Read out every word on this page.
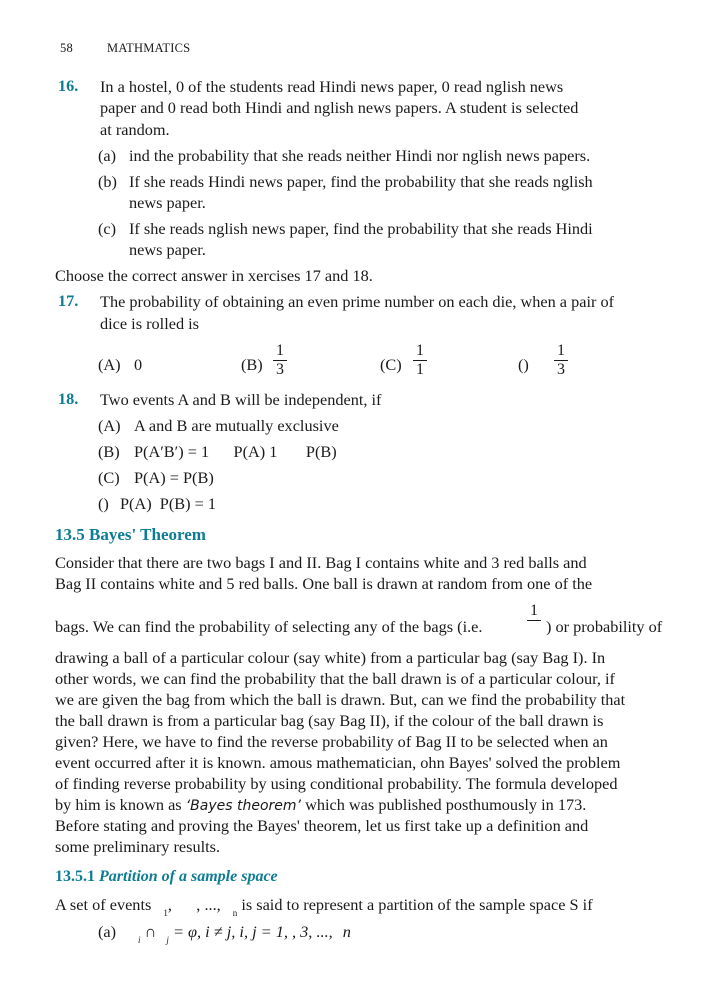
58	MATHMATICS
16. In a hostel, 0 of the students read Hindi news paper, 0 read nglish news
paper and 0 read both Hindi and nglish news papers. A student is selected
at random.
(a) ind the probability that she reads neither Hindi nor nglish news papers.
(b) If she reads Hindi news paper, find the probability that she reads nglish
news paper.
(c) If she reads nglish news paper, find the probability that she reads Hindi
news paper.
Choose the correct answer in xercises 17 and 18.
17. The probability of obtaining an even prime number on each die, when a pair of
dice is rolled is
(A) 0	$(B) \frac{1}{3}$	$(C) \frac{1}{1}$	() $\frac{1}{3}$
18. Two events A and B will be independent, if
(A) A and B are mutually exclusive
(B) P(A′B′) = 1      P(A) 1       P(B)
(C) P(A) = P(B)
() P(A)  P(B) = 1
13.5 Bayes' Theorem
Consider that there are two bags I and II. Bag I contains white and 3 red balls and
Bag II contains white and 5 red balls. One ball is drawn at random from one of the
bags. We can find the probability of selecting any of the bags (i.e.
1
) or probability of
drawing a ball of a particular colour (say white) from a particular bag (say Bag I). In
other words, we can find the probability that the ball drawn is of a particular colour, if
we are given the bag from which the ball is drawn. But, can we find the probability that
the ball drawn is from a particular bag (say Bag II), if the colour of the ball drawn is
given? Here, we have to find the reverse probability of Bag II to be selected when an
event occurred after it is known. amous mathematician, ohn Bayes' solved the problem
of finding reverse probability by using conditional probability. The formula developed
by him is known as ‘Bayes theorem’ which was published posthumously in 173.
Before stating and proving the Bayes' theorem, let us first take up a definition and
some preliminary results.
13.5.1 Partition of a sample space
A set of events $_1$,      , ..., $_n$ is said to represent a partition of the sample space S if
(a) $_i$ ∩ $_j$ = φ, i ≠ j, i, j = 1, , 3, ..., n
